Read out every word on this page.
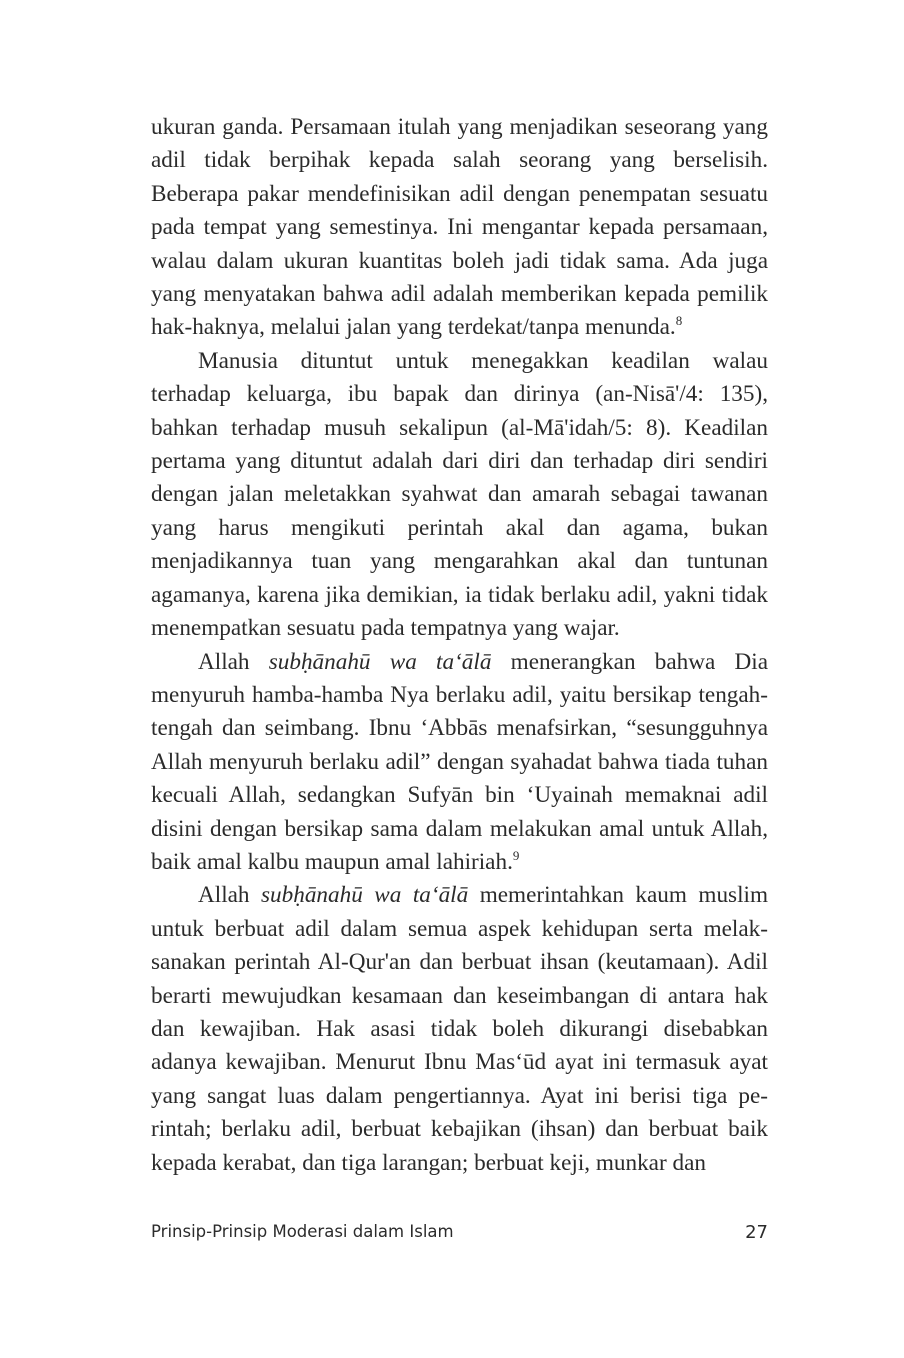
ukuran ganda. Persamaan itulah yang menjadikan seseorang yang adil tidak berpihak kepada salah seorang yang berselisih. Beberapa pakar mendefinisikan adil dengan penempatan sesuatu pada tempat yang semestinya. Ini mengantar kepada persamaan, walau dalam ukuran kuantitas boleh jadi tidak sama. Ada juga yang menyatakan bahwa adil adalah memberikan kepada pemilik hak-haknya, melalui jalan yang terdekat/tanpa menunda.$^8$

Manusia dituntut untuk menegakkan keadilan walau terhadap keluarga, ibu bapak dan dirinya (an-Nisā'/4: 135), bahkan terhadap musuh sekalipun (al-Mā'idah/5: 8). Keadilan pertama yang dituntut adalah dari diri dan terhadap diri sendiri dengan jalan meletakkan syahwat dan amarah sebagai tawanan yang harus mengikuti perintah akal dan agama, bukan menjadikannya tuan yang mengarahkan akal dan tuntunan agamanya, karena jika demikian, ia tidak berlaku adil, yakni tidak menempatkan sesuatu pada tempatnya yang wajar.

Allah subḥānahū wa ta‘ālā menerangkan bahwa Dia menyuruh hamba-hamba Nya berlaku adil, yaitu bersikap tengah-tengah dan seimbang. Ibnu ‘Abbās menafsirkan, “sesungguhnya Allah menyuruh berlaku adil” dengan syahadat bahwa tiada tuhan kecuali Allah, sedangkan Sufyān bin ‘Uyainah memaknai adil disini dengan bersikap sama dalam melakukan amal untuk Allah, baik amal kalbu maupun amal lahiriah.$^9$

Allah subḥānahū wa ta‘ālā memerintahkan kaum muslim untuk berbuat adil dalam semua aspek kehidupan serta melaksanakan perintah Al-Qur'an dan berbuat ihsan (keutamaan). Adil berarti mewujudkan kesamaan dan keseimbangan di antara hak dan kewajiban. Hak asasi tidak boleh dikurangi disebabkan adanya kewajiban. Menurut Ibnu Mas‘ūd ayat ini termasuk ayat yang sangat luas dalam pengertiannya. Ayat ini berisi tiga perintah; berlaku adil, berbuat kebajikan (ihsan) dan berbuat baik kepada kerabat, dan tiga larangan; berbuat keji, munkar dan

Prinsip-Prinsip Moderasi dalam Islam	27
